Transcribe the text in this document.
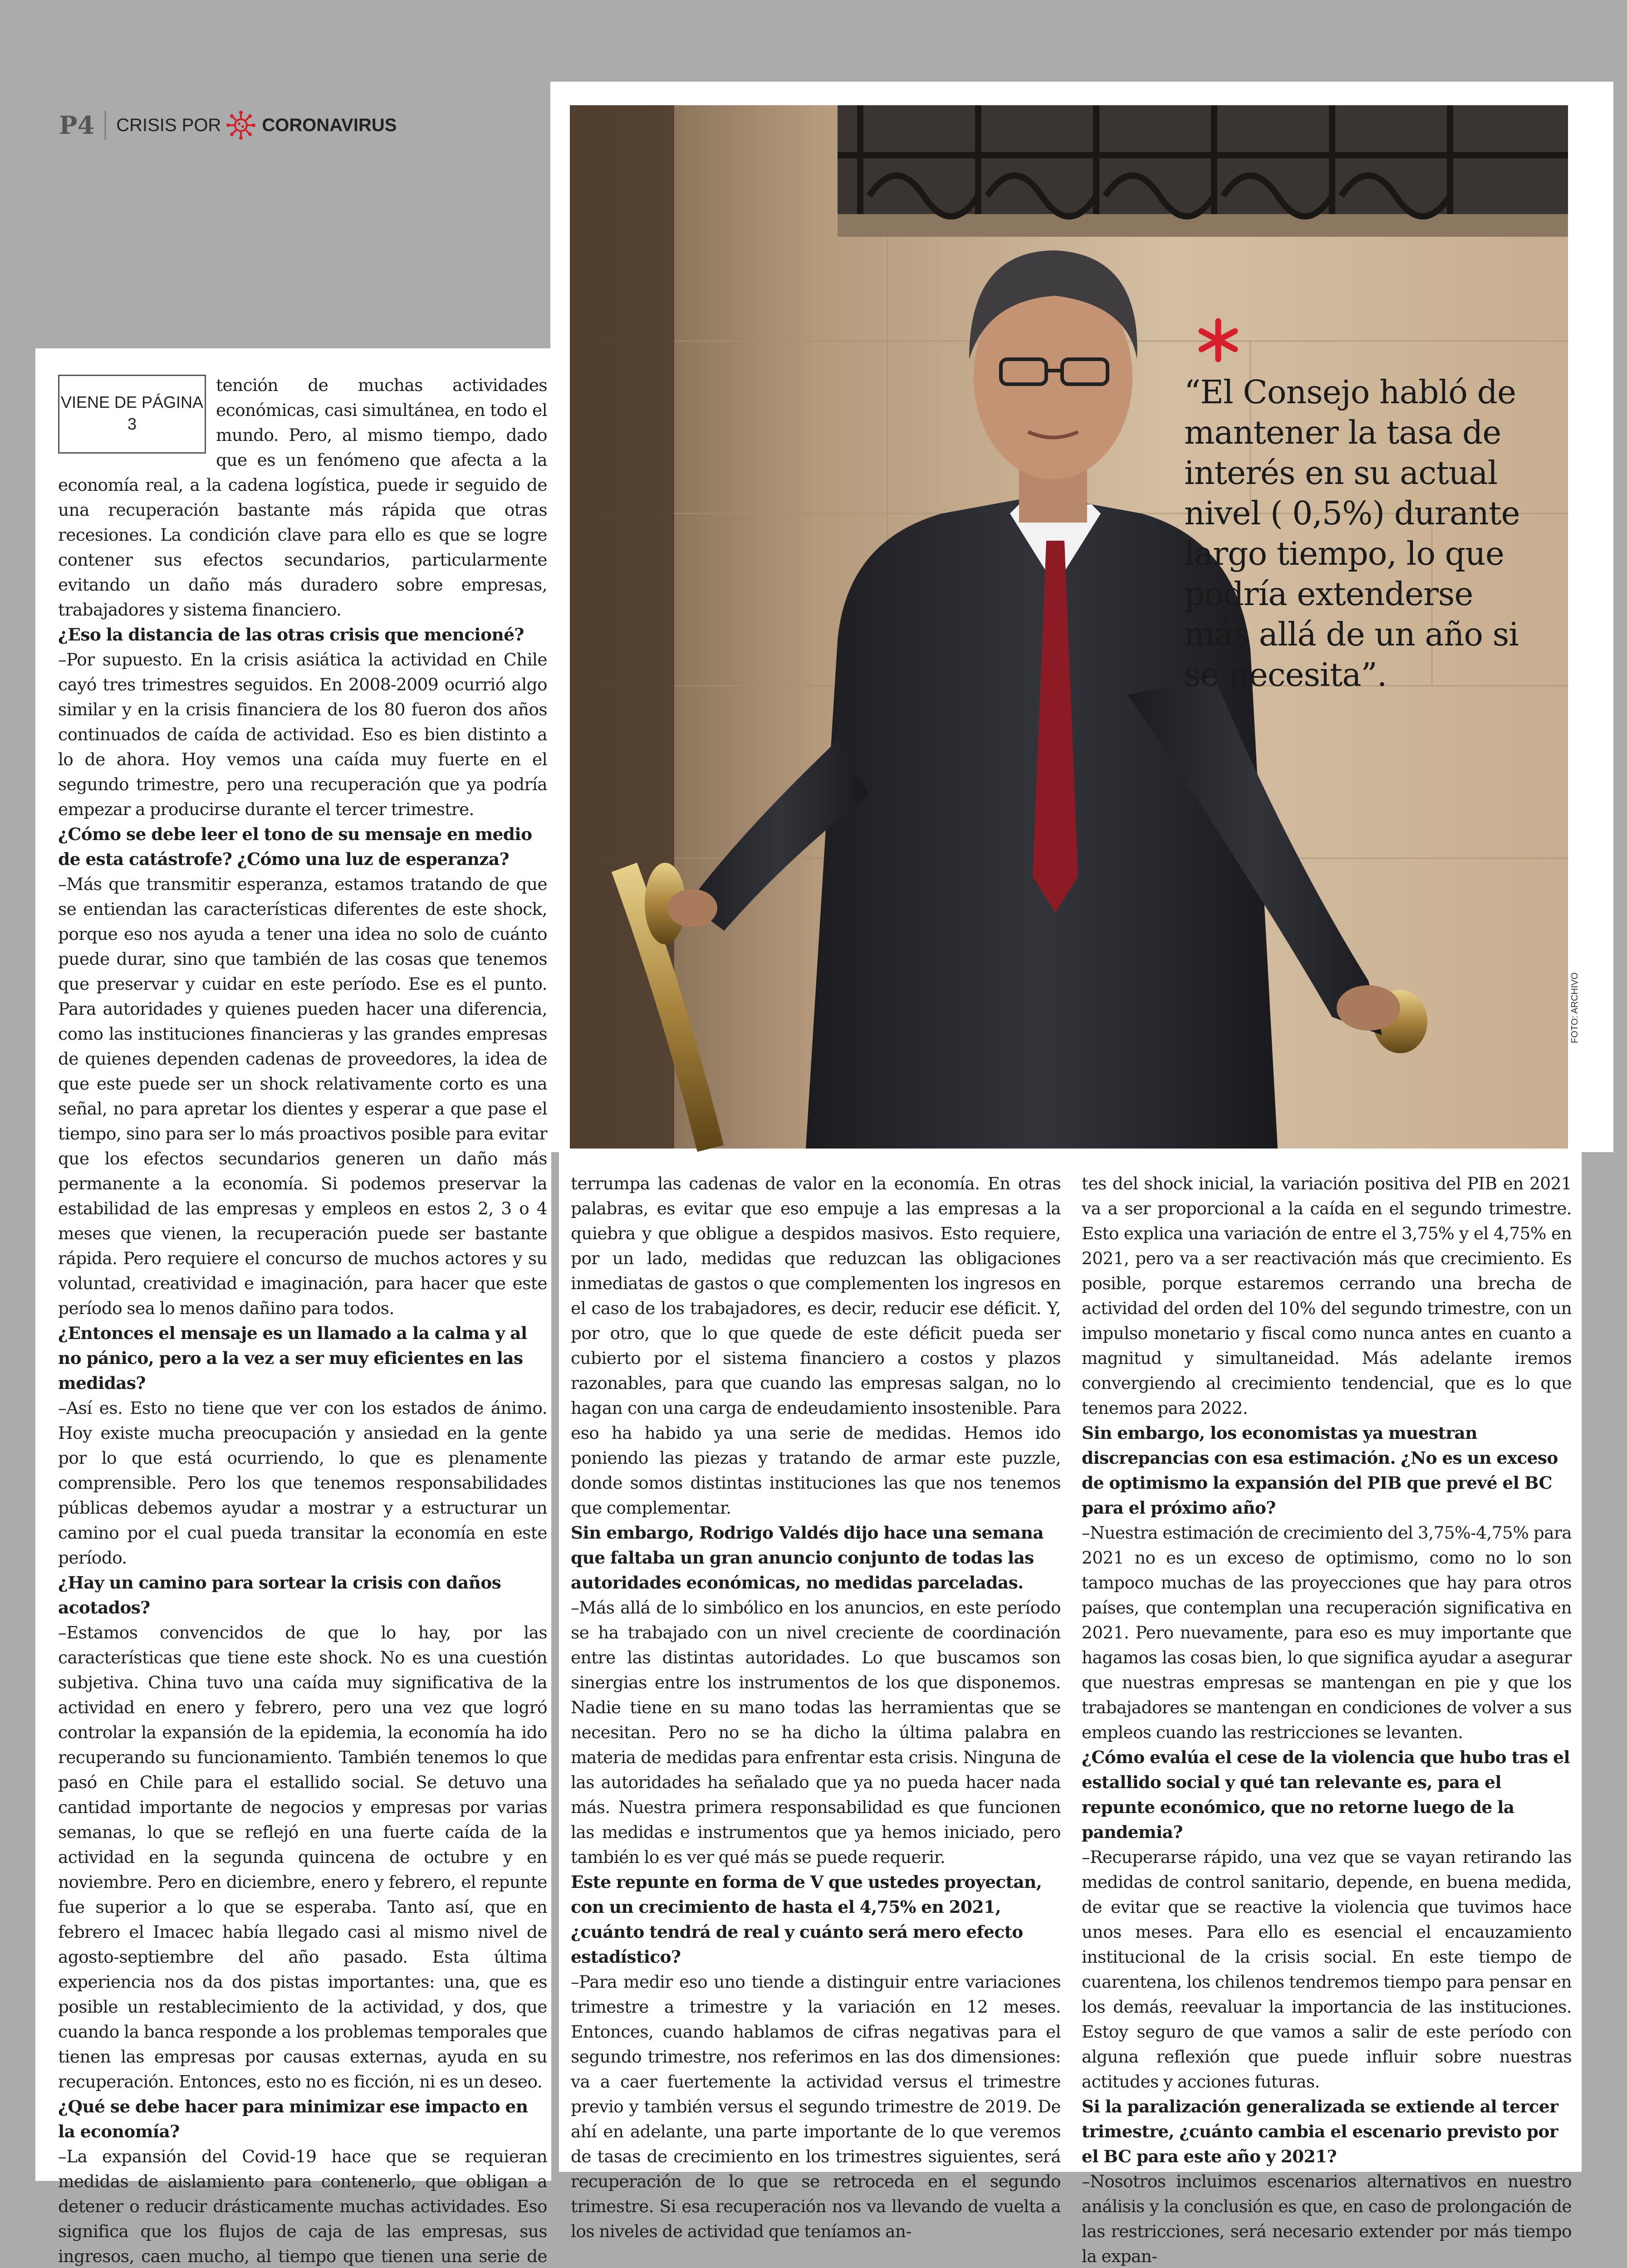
P4 CRISIS POR CORONAVIRUS
FOTO: ARCHIVO

“El Consejo habló de mantener la tasa de interés en su actual nivel ( 0,5%) durante largo tiempo, lo que podría extenderse más allá de un año si se necesita”.

VIENE DE PÁGINA 3

tención de muchas actividades económicas, casi simultánea, en todo el mundo. Pero, al mismo tiempo, dado que es un fenómeno que afecta a la economía real, a la cadena logística, puede ir seguido de una recuperación bastante más rápida que otras recesiones. La condición clave para ello es que se logre contener sus efectos secundarios, particularmente evitando un daño más duradero sobre empresas, trabajadores y sistema financiero.

¿Eso la distancia de las otras crisis que mencioné?

–Por supuesto. En la crisis asiática la actividad en Chile cayó tres trimestres seguidos. En 2008-2009 ocurrió algo similar y en la crisis financiera de los 80 fueron dos años continuados de caída de actividad. Eso es bien distinto a lo de ahora. Hoy vemos una caída muy fuerte en el segundo trimestre, pero una recuperación que ya podría empezar a producirse durante el tercer trimestre.

¿Cómo se debe leer el tono de su mensaje en medio de esta catástrofe? ¿Cómo una luz de esperanza?

–Más que transmitir esperanza, estamos tratando de que se entiendan las características diferentes de este shock, porque eso nos ayuda a tener una idea no solo de cuánto puede durar, sino que también de las cosas que tenemos que preservar y cuidar en este período. Ese es el punto. Para autoridades y quienes pueden hacer una diferencia, como las instituciones financieras y las grandes empresas de quienes dependen cadenas de proveedores, la idea de que este puede ser un shock relativamente corto es una señal, no para apretar los dientes y esperar a que pase el tiempo, sino para ser lo más proactivos posible para evitar que los efectos secundarios generen un daño más permanente a la economía. Si podemos preservar la estabilidad de las empresas y empleos en estos 2, 3 o 4 meses que vienen, la recuperación puede ser bastante rápida. Pero requiere el concurso de muchos actores y su voluntad, creatividad e imaginación, para hacer que este período sea lo menos dañino para todos.

¿Entonces el mensaje es un llamado a la calma y al no pánico, pero a la vez a ser muy eficientes en las medidas?

–Así es. Esto no tiene que ver con los estados de ánimo. Hoy existe mucha preocupación y ansiedad en la gente por lo que está ocurriendo, lo que es plenamente comprensible. Pero los que tenemos responsabilidades públicas debemos ayudar a mostrar y a estructurar un camino por el cual pueda transitar la economía en este período.

¿Hay un camino para sortear la crisis con daños acotados?

–Estamos convencidos de que lo hay, por las características que tiene este shock. No es una cuestión subjetiva. China tuvo una caída muy significativa de la actividad en enero y febrero, pero una vez que logró controlar la expansión de la epidemia, la economía ha ido recuperando su funcionamiento. También tenemos lo que pasó en Chile para el estallido social. Se detuvo una cantidad importante de negocios y empresas por varias semanas, lo que se reflejó en una fuerte caída de la actividad en la segunda quincena de octubre y en noviembre. Pero en diciembre, enero y febrero, el repunte fue superior a lo que se esperaba. Tanto así, que en febrero el Imacec había llegado casi al mismo nivel de agosto-septiembre del año pasado. Esta última experiencia nos da dos pistas importantes: una, que es posible un restablecimiento de la actividad, y dos, que cuando la banca responde a los problemas temporales que tienen las empresas por causas externas, ayuda en su recuperación. Entonces, esto no es ficción, ni es un deseo.

¿Qué se debe hacer para minimizar ese impacto en la economía?

–La expansión del Covid-19 hace que se requieran medidas de aislamiento para contenerlo, que obligan a detener o reducir drásticamente muchas actividades. Eso significa que los flujos de caja de las empresas, sus ingresos, caen mucho, al tiempo que tienen una serie de

terrumpa las cadenas de valor en la economía. En otras palabras, es evitar que eso empuje a las empresas a la quiebra y que obligue a despidos masivos. Esto requiere, por un lado, medidas que reduzcan las obligaciones inmediatas de gastos o que complementen los ingresos en el caso de los trabajadores, es decir, reducir ese déficit. Y, por otro, que lo que quede de este déficit pueda ser cubierto por el sistema financiero a costos y plazos razonables, para que cuando las empresas salgan, no lo hagan con una carga de endeudamiento insostenible. Para eso ha habido ya una serie de medidas. Hemos ido poniendo las piezas y tratando de armar este puzzle, donde somos distintas instituciones las que nos tenemos que complementar.

Sin embargo, Rodrigo Valdés dijo hace una semana que faltaba un gran anuncio conjunto de todas las autoridades económicas, no medidas parceladas.

–Más allá de lo simbólico en los anuncios, en este período se ha trabajado con un nivel creciente de coordinación entre las distintas autoridades. Lo que buscamos son sinergias entre los instrumentos de los que disponemos. Nadie tiene en su mano todas las herramientas que se necesitan. Pero no se ha dicho la última palabra en materia de medidas para enfrentar esta crisis. Ninguna de las autoridades ha señalado que ya no pueda hacer nada más. Nuestra primera responsabilidad es que funcionen las medidas e instrumentos que ya hemos iniciado, pero también lo es ver qué más se puede requerir.

Este repunte en forma de V que ustedes proyectan, con un crecimiento de hasta el 4,75% en 2021, ¿cuánto tendrá de real y cuánto será mero efecto estadístico?

–Para medir eso uno tiende a distinguir entre variaciones trimestre a trimestre y la variación en 12 meses. Entonces, cuando hablamos de cifras negativas para el segundo trimestre, nos referimos en las dos dimensiones: va a caer fuertemente la actividad versus el trimestre previo y también versus el segundo trimestre de 2019. De ahí en adelante, una parte importante de lo que veremos de tasas de crecimiento en los trimestres siguientes, será recuperación de lo que se retroceda en el segundo trimestre. Si esa recuperación nos va llevando de vuelta a los niveles de actividad que teníamos an-

tes del shock inicial, la variación positiva del PIB en 2021 va a ser proporcional a la caída en el segundo trimestre. Esto explica una variación de entre el 3,75% y el 4,75% en 2021, pero va a ser reactivación más que crecimiento. Es posible, porque estaremos cerrando una brecha de actividad del orden del 10% del segundo trimestre, con un impulso monetario y fiscal como nunca antes en cuanto a magnitud y simultaneidad. Más adelante iremos convergiendo al crecimiento tendencial, que es lo que tenemos para 2022.

Sin embargo, los economistas ya muestran discrepancias con esa estimación. ¿No es un exceso de optimismo la expansión del PIB que prevé el BC para el próximo año?

–Nuestra estimación de crecimiento del 3,75%-4,75% para 2021 no es un exceso de optimismo, como no lo son tampoco muchas de las proyecciones que hay para otros países, que contemplan una recuperación significativa en 2021. Pero nuevamente, para eso es muy importante que hagamos las cosas bien, lo que significa ayudar a asegurar que nuestras empresas se mantengan en pie y que los trabajadores se mantengan en condiciones de volver a sus empleos cuando las restricciones se levanten.

¿Cómo evalúa el cese de la violencia que hubo tras el estallido social y qué tan relevante es, para el repunte económico, que no retorne luego de la pandemia?

–Recuperarse rápido, una vez que se vayan retirando las medidas de control sanitario, depende, en buena medida, de evitar que se reactive la violencia que tuvimos hace unos meses. Para ello es esencial el encauzamiento institucional de la crisis social. En este tiempo de cuarentena, los chilenos tendremos tiempo para pensar en los demás, reevaluar la importancia de las instituciones. Estoy seguro de que vamos a salir de este período con alguna reflexión que puede influir sobre nuestras actitudes y acciones futuras.

Si la paralización generalizada se extiende al tercer trimestre, ¿cuánto cambia el escenario previsto por el BC para este año y 2021?

–Nosotros incluimos escenarios alternativos en nuestro análisis y la conclusión es que, en caso de prolongación de las restricciones, será necesario extender por más tiempo la expan-
